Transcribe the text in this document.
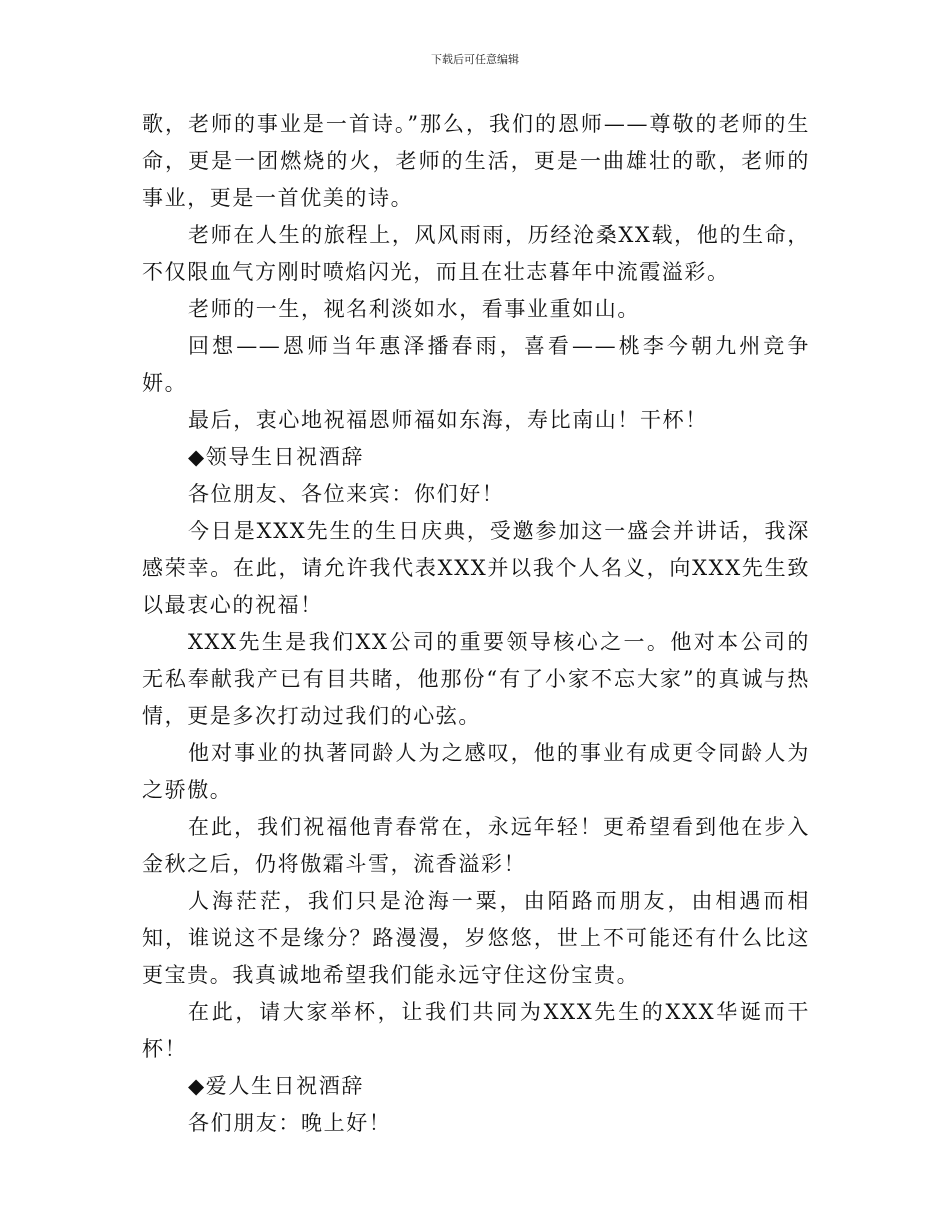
下载后可任意编辑

歌，老师的事业是一首诗。”那么，我们的恩师——尊敬的老师的生命，更是一团燃烧的火，老师的生活，更是一曲雄壮的歌，老师的事业，更是一首优美的诗。

老师在人生的旅程上，风风雨雨，历经沧桑XX载，他的生命，不仅限血气方刚时喷焰闪光，而且在壮志暮年中流霞溢彩。

老师的一生，视名利淡如水，看事业重如山。

回想——恩师当年惠泽播春雨，喜看——桃李今朝九州竞争妍。

最后，衷心地祝福恩师福如东海，寿比南山！干杯！

◆领导生日祝酒辞

各位朋友、各位来宾：你们好！

今日是XXX先生的生日庆典，受邀参加这一盛会并讲话，我深感荣幸。在此，请允许我代表XXX并以我个人名义，向XXX先生致以最衷心的祝福！

XXX先生是我们XX公司的重要领导核心之一。他对本公司的无私奉献我产已有目共睹，他那份“有了小家不忘大家”的真诚与热情，更是多次打动过我们的心弦。

他对事业的执著同龄人为之感叹，他的事业有成更令同龄人为之骄傲。

在此，我们祝福他青春常在，永远年轻！更希望看到他在步入金秋之后，仍将傲霜斗雪，流香溢彩！

人海茫茫，我们只是沧海一粟，由陌路而朋友，由相遇而相知，谁说这不是缘分？路漫漫，岁悠悠，世上不可能还有什么比这更宝贵。我真诚地希望我们能永远守住这份宝贵。

在此，请大家举杯，让我们共同为XXX先生的XXX华诞而干杯！

◆爱人生日祝酒辞

各们朋友：晚上好！
